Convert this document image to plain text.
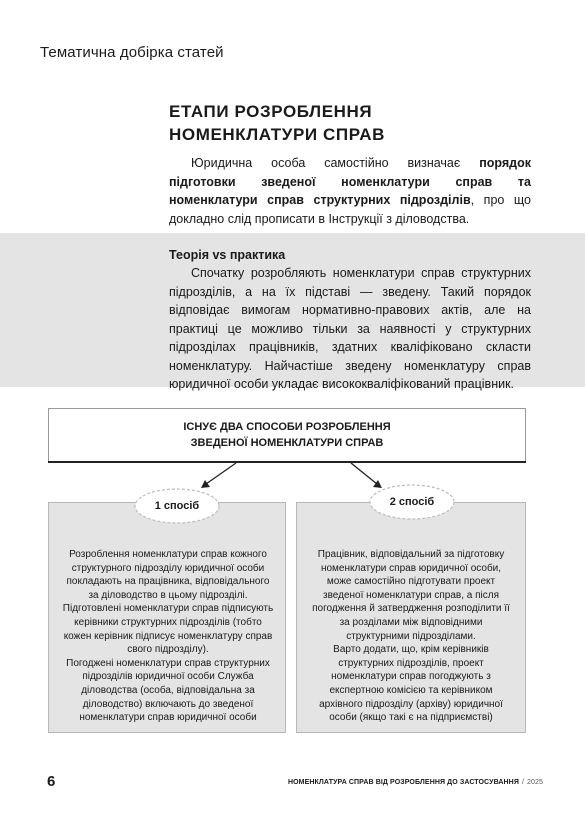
Тематична добірка статей
ЕТАПИ РОЗРОБЛЕННЯ
НОМЕНКЛАТУРИ СПРАВ
Юридична особа самостійно визначає порядок підготовки зведеної номенклатури справ та номенклатури справ структурних підрозділів, про що докладно слід прописати в Інструкції з діловодства.
Теорія vs практика
Спочатку розробляють номенклатури справ структурних підрозділів, а на їх підставі — зведену. Такий порядок відповідає вимогам нормативно-правових актів, але на практиці це можливо тільки за наявності у структурних підрозділах працівників, здатних кваліфіковано скласти номенклатуру. Найчастіше зведену номенклатуру справ юридичної особи укладає висококваліфікований працівник.
ІСНУЄ ДВА СПОСОБИ РОЗРОБЛЕННЯ
ЗВЕДЕНОЇ НОМЕНКЛАТУРИ СПРАВ
1 спосіб	2 спосіб

Розроблення номенклатури справ кожного структурного підрозділу юридичної особи покладають на працівника, відповідального за діловодство в цьому підрозділі. Підготовлені номенклатури справ підписують керівники структурних підрозділів (тобто кожен керівник підписує номенклатуру справ свого підрозділу).

Погоджені номенклатури справ структурних підрозділів юридичної особи Служба діловодства (особа, відповідальна за діловодство) включають до зведеної номенклатури справ юридичної особи

Працівник, відповідальний за підготовку номенклатури справ юридичної особи, може самостійно підготувати проект зведеної номенклатури справ, а після погодження й затвердження розподілити її за розділами між відповідними структурними підрозділами.

Варто додати, що, крім керівників структурних підрозділів, проект номенклатури справ погоджують з експертною комісією та керівником архівного підрозділу (архіву) юридичної особи (якщо такі є на підприємстві)

6	НОМЕНКЛАТУРА СПРАВ ВІД РОЗРОБЛЕННЯ ДО ЗАСТОСУВАННЯ / 2025
